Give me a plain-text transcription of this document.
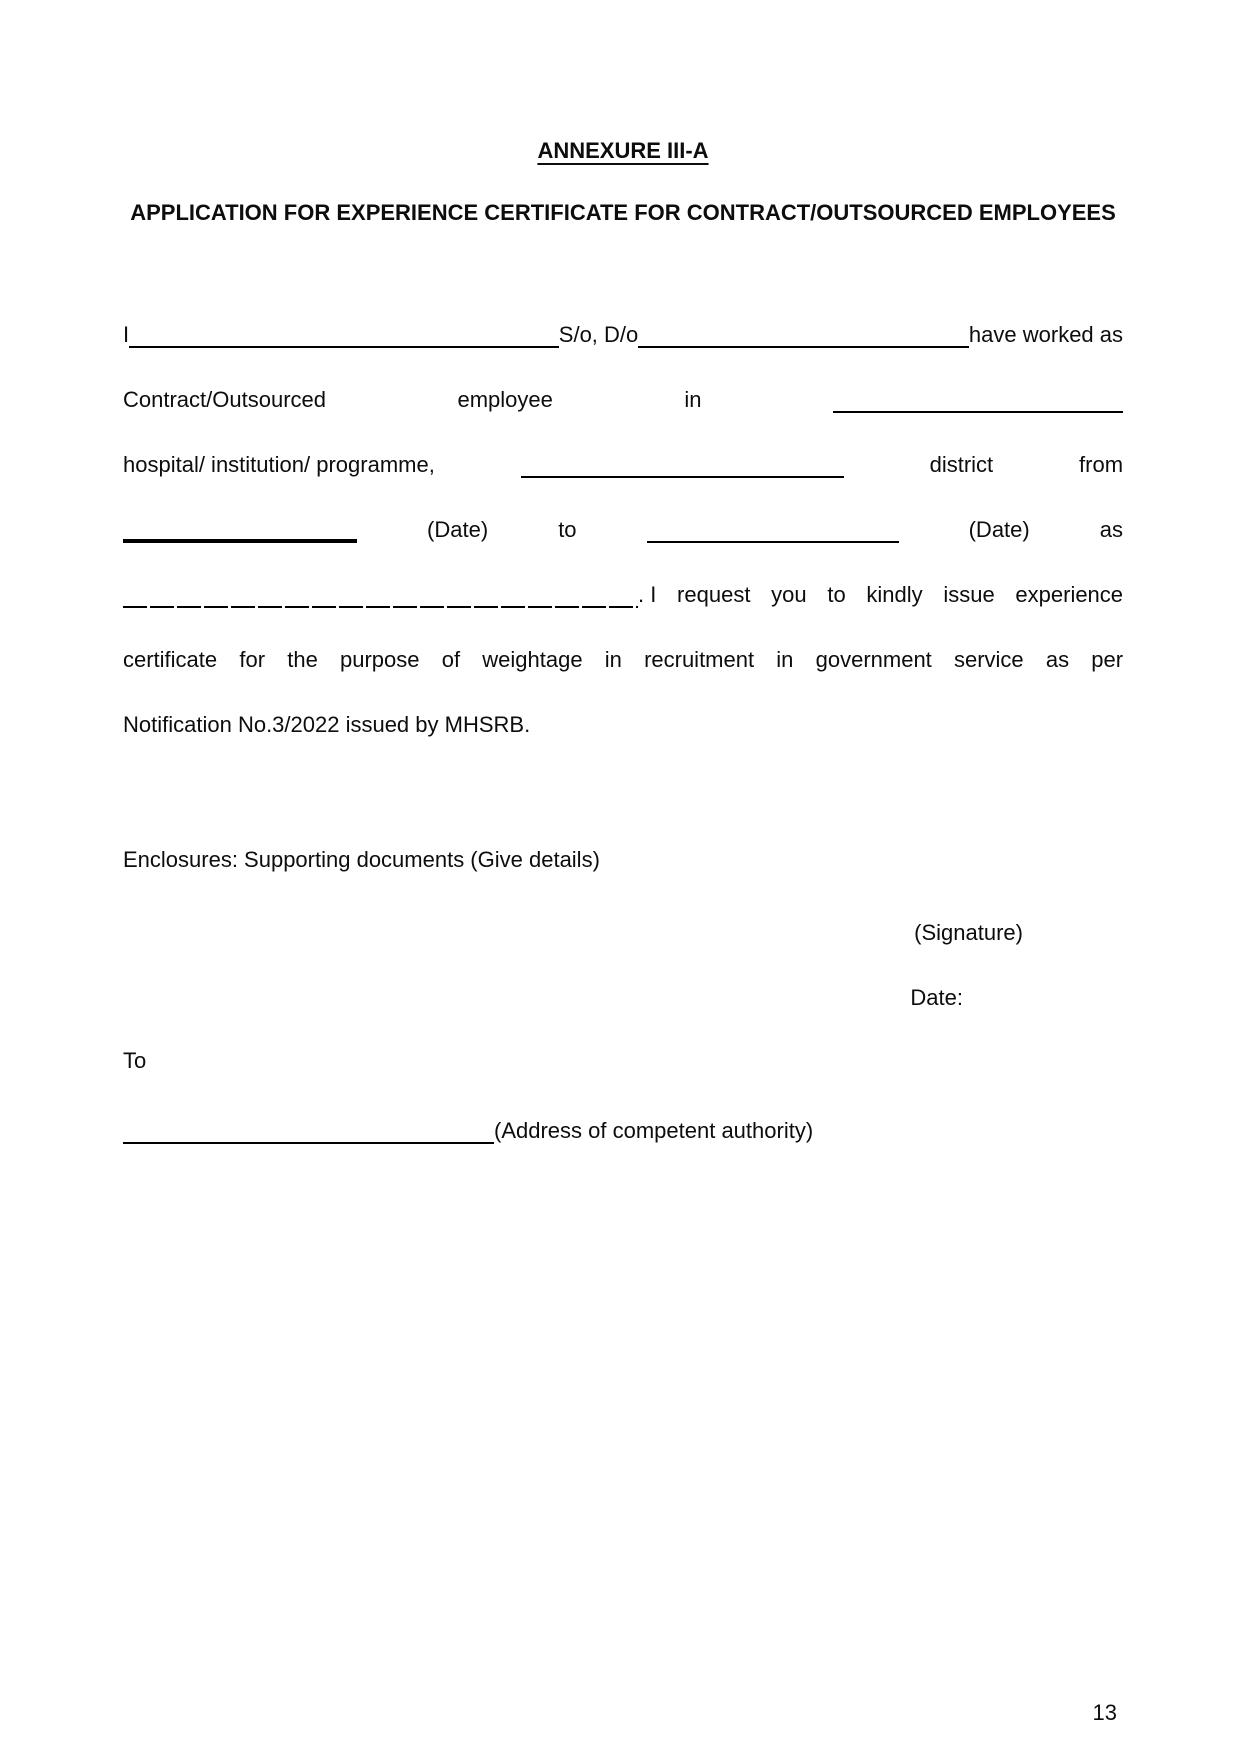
ANNEXURE III-A
APPLICATION FOR EXPERIENCE CERTIFICATE FOR CONTRACT/OUTSOURCED EMPLOYEES
I	S/o, D/o	have worked as
Contract/Outsourced	employee	in
hospital/ institution/ programme,	district	from
(Date)	to	(Date)	as
. I request you to kindly issue experience
certificate for the purpose of weightage in recruitment in government service as per
Notification No.3/2022 issued by MHSRB.
Enclosures: Supporting documents (Give details)
(Signature)
Date:
To
(Address of competent authority)
13
